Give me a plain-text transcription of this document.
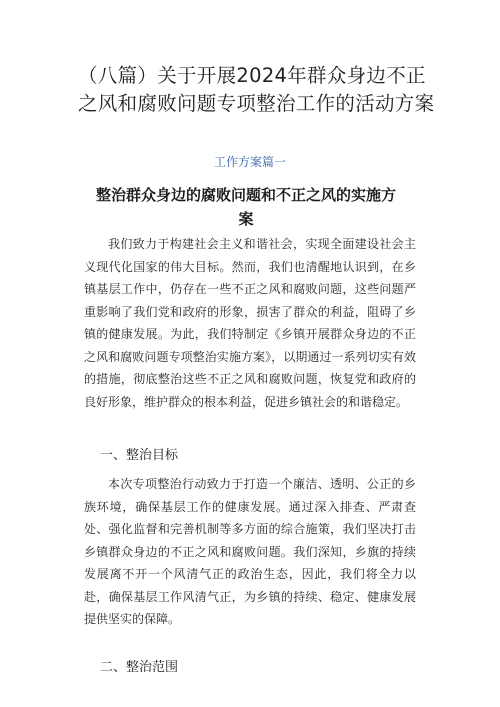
（八篇）关于开展2024年群众身边不正之风和腐败问题专项整治工作的活动方案

工作方案篇一

整治群众身边的腐败问题和不正之风的实施方案

我们致力于构建社会主义和谐社会，实现全面建设社会主义现代化国家的伟大目标。然而，我们也清醒地认识到，在乡镇基层工作中，仍存在一些不正之风和腐败问题，这些问题严重影响了我们党和政府的形象，损害了群众的利益，阻碍了乡镇的健康发展。为此，我们特制定《乡镇开展群众身边的不正之风和腐败问题专项整治实施方案》，以期通过一系列切实有效的措施，彻底整治这些不正之风和腐败问题，恢复党和政府的良好形象，维护群众的根本利益，促进乡镇社会的和谐稳定。

一、整治目标

本次专项整治行动致力于打造一个廉洁、透明、公正的乡族环境，确保基层工作的健康发展。通过深入排查、严肃查处、强化监督和完善机制等多方面的综合施策，我们坚决打击乡镇群众身边的不正之风和腐败问题。我们深知，乡旗的持续发展离不开一个风清气正的政治生态，因此，我们将全力以赴，确保基层工作风清气正，为乡镇的持续、稳定、健康发展提供坚实的保障。

二、整治范围
